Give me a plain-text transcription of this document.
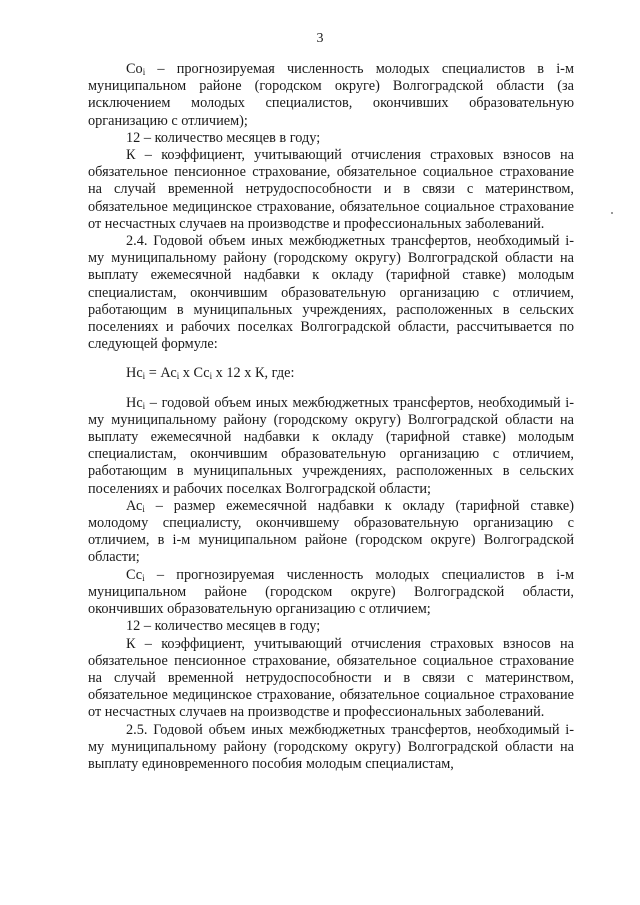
3

$Co_i$ – прогнозируемая численность молодых специалистов в i-м муниципальном районе (городском округе) Волгоградской области (за исключением молодых специалистов, окончивших образовательную организацию с отличием);

12 – количество месяцев в году;

К – коэффициент, учитывающий отчисления страховых взносов на обязательное пенсионное страхование, обязательное социальное страхование на случай временной нетрудоспособности и в связи с материнством, обязательное медицинское страхование, обязательное социальное страхование от несчастных случаев на производстве и профессиональных заболеваний.

2.4. Годовой объем иных межбюджетных трансфертов, необходимый i-му муниципальному району (городскому округу) Волгоградской области на выплату ежемесячной надбавки к окладу (тарифной ставке) молодым специалистам, окончившим образовательную организацию с отличием, работающим в муниципальных учреждениях, расположенных в сельских поселениях и рабочих поселках Волгоградской области, рассчитывается по следующей формуле:

$Нс_i = Ас_i$ х $Сс_i$ х 12 х К, где:

$Нс_i$ – годовой объем иных межбюджетных трансфертов, необходимый i-му муниципальному району (городскому округу) Волгоградской области на выплату ежемесячной надбавки к окладу (тарифной ставке) молодым специалистам, окончившим образовательную организацию с отличием, работающим в муниципальных учреждениях, расположенных в сельских поселениях и рабочих поселках Волгоградской области;

$Ас_i$ – размер ежемесячной надбавки к окладу (тарифной ставке) молодому специалисту, окончившему образовательную организацию с отличием, в i-м муниципальном районе (городском округе) Волгоградской области;

$Сс_i$ – прогнозируемая численность молодых специалистов в i-м муниципальном районе (городском округе) Волгоградской области, окончивших образовательную организацию с отличием;

12 – количество месяцев в году;

К – коэффициент, учитывающий отчисления страховых взносов на обязательное пенсионное страхование, обязательное социальное страхование на случай временной нетрудоспособности и в связи с материнством, обязательное медицинское страхование, обязательное социальное страхование от несчастных случаев на производстве и профессиональных заболеваний.

2.5. Годовой объем иных межбюджетных трансфертов, необходимый i-му муниципальному району (городскому округу) Волгоградской области на выплату единовременного пособия молодым специалистам,
